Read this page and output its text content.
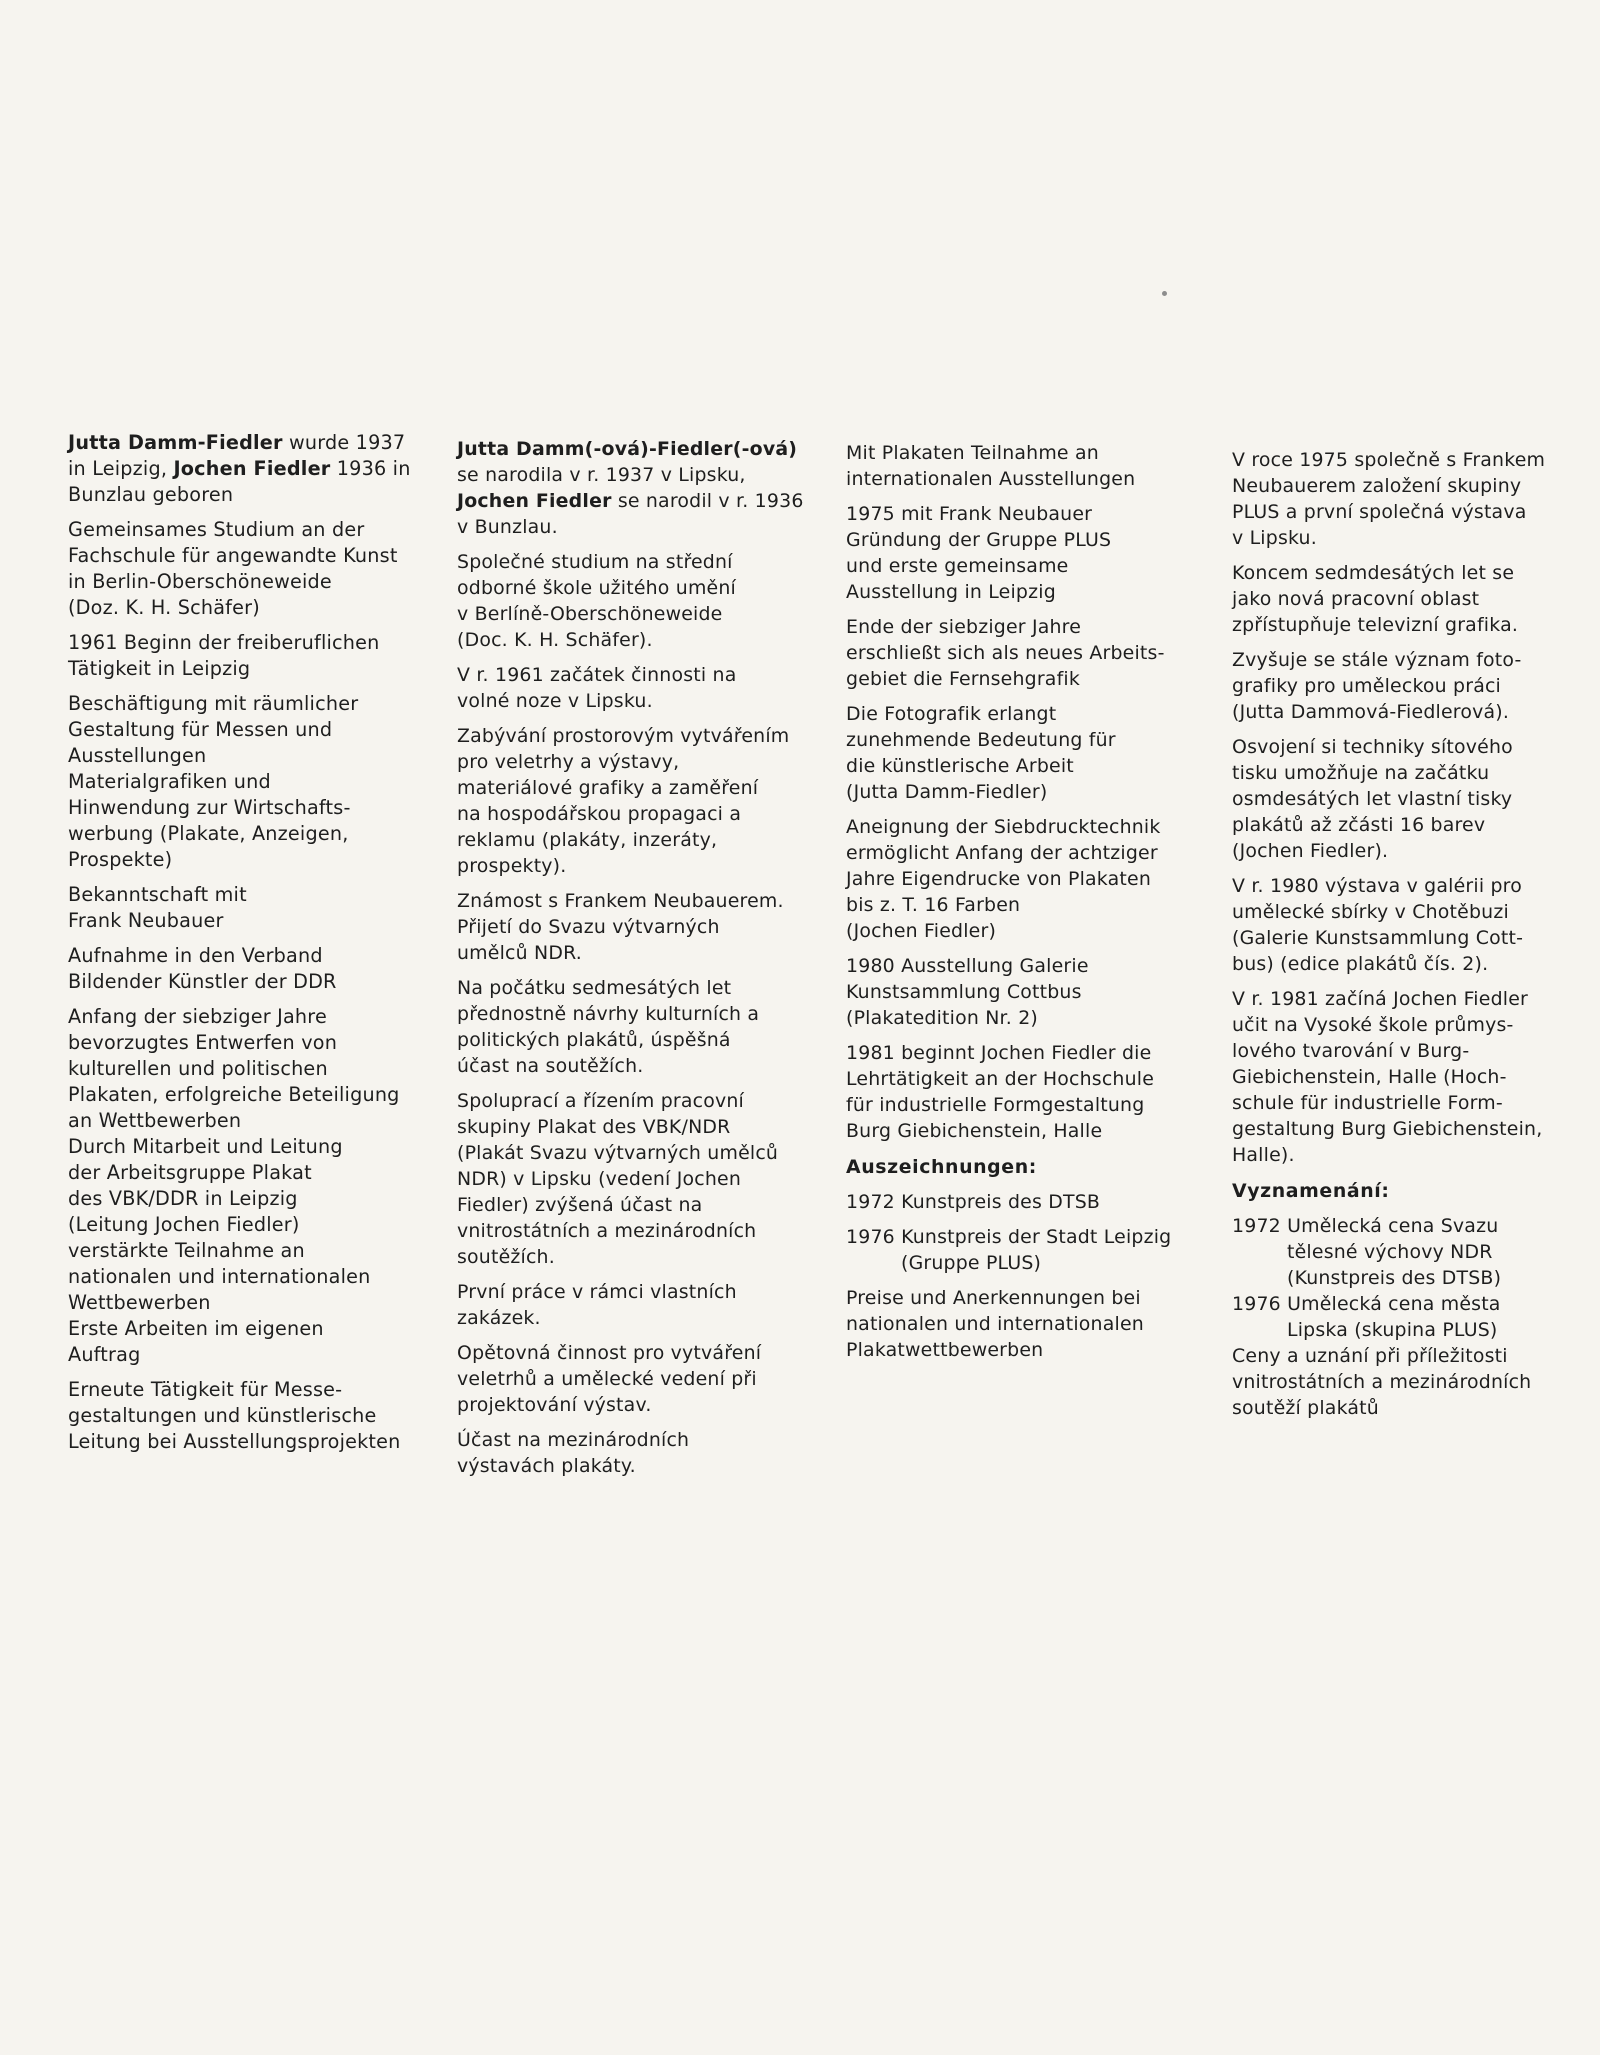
Jutta Damm-Fiedler wurde 1937
in Leipzig, Jochen Fiedler 1936 in
Bunzlau geboren
Gemeinsames Studium an der
Fachschule für angewandte Kunst
in Berlin-Oberschöneweide
(Doz. K. H. Schäfer)
1961 Beginn der freiberuflichen
Tätigkeit in Leipzig
Beschäftigung mit räumlicher
Gestaltung für Messen und
Ausstellungen
Materialgrafiken und
Hinwendung zur Wirtschafts-
werbung (Plakate, Anzeigen,
Prospekte)
Bekanntschaft mit
Frank Neubauer
Aufnahme in den Verband
Bildender Künstler der DDR
Anfang der siebziger Jahre
bevorzugtes Entwerfen von
kulturellen und politischen
Plakaten, erfolgreiche Beteiligung
an Wettbewerben
Durch Mitarbeit und Leitung
der Arbeitsgruppe Plakat
des VBK/DDR in Leipzig
(Leitung Jochen Fiedler)
verstärkte Teilnahme an
nationalen und internationalen
Wettbewerben
Erste Arbeiten im eigenen
Auftrag
Erneute Tätigkeit für Messe-
gestaltungen und künstlerische
Leitung bei Ausstellungsprojekten
Jutta Damm(-ová)-Fiedler(-ová)
se narodila v r. 1937 v Lipsku,
Jochen Fiedler se narodil v r. 1936
v Bunzlau.
Společné studium na střední
odborné škole užitého umění
v Berlíně-Oberschöneweide
(Doc. K. H. Schäfer).
V r. 1961 začátek činnosti na
volné noze v Lipsku.
Zabývání prostorovým vytvářením
pro veletrhy a výstavy,
materiálové grafiky a zaměření
na hospodářskou propagaci a
reklamu (plakáty, inzeráty,
prospekty).
Známost s Frankem Neubauerem.
Přijetí do Svazu výtvarných
umělců NDR.
Na počátku sedmesátých let
přednostně návrhy kulturních a
politických plakátů, úspěšná
účast na soutěžích.
Spoluprací a řízením pracovní
skupiny Plakat des VBK/NDR
(Plakát Svazu výtvarných umělců
NDR) v Lipsku (vedení Jochen
Fiedler) zvýšená účast na
vnitrostátních a mezinárodních
soutěžích.
První práce v rámci vlastních
zakázek.
Opětovná činnost pro vytváření
veletrhů a umělecké vedení při
projektování výstav.
Účast na mezinárodních
výstavách plakáty.
Mit Plakaten Teilnahme an
internationalen Ausstellungen
1975 mit Frank Neubauer
Gründung der Gruppe PLUS
und erste gemeinsame
Ausstellung in Leipzig
Ende der siebziger Jahre
erschließt sich als neues Arbeits-
gebiet die Fernsehgrafik
Die Fotografik erlangt
zunehmende Bedeutung für
die künstlerische Arbeit
(Jutta Damm-Fiedler)
Aneignung der Siebdrucktechnik
ermöglicht Anfang der achtziger
Jahre Eigendrucke von Plakaten
bis z. T. 16 Farben
(Jochen Fiedler)
1980 Ausstellung Galerie
Kunstsammlung Cottbus
(Plakatedition Nr. 2)
1981 beginnt Jochen Fiedler die
Lehrtätigkeit an der Hochschule
für industrielle Formgestaltung
Burg Giebichenstein, Halle
Auszeichnungen:
1972 Kunstpreis des DTSB
1976 Kunstpreis der Stadt Leipzig
(Gruppe PLUS)
Preise und Anerkennungen bei
nationalen und internationalen
Plakatwettbewerben
V roce 1975 společně s Frankem
Neubauerem založení skupiny
PLUS a první společná výstava
v Lipsku.
Koncem sedmdesátých let se
jako nová pracovní oblast
zpřístupňuje televizní grafika.
Zvyšuje se stále význam foto-
grafiky pro uměleckou práci
(Jutta Dammová-Fiedlerová).
Osvojení si techniky sítového
tisku umožňuje na začátku
osmdesátých let vlastní tisky
plakátů až zčásti 16 barev
(Jochen Fiedler).
V r. 1980 výstava v galérii pro
umělecké sbírky v Chotěbuzi
(Galerie Kunstsammlung Cott-
bus) (edice plakátů čís. 2).
V r. 1981 začíná Jochen Fiedler
učit na Vysoké škole průmys-
lového tvarování v Burg-
Giebichenstein, Halle (Hoch-
schule für industrielle Form-
gestaltung Burg Giebichenstein,
Halle).
Vyznamenání:
1972 Umělecká cena Svazu
tělesné výchovy NDR
(Kunstpreis des DTSB)
1976 Umělecká cena města
Lipska (skupina PLUS)
Ceny a uznání při příležitosti
vnitrostátních a mezinárodních
soutěží plakátů
